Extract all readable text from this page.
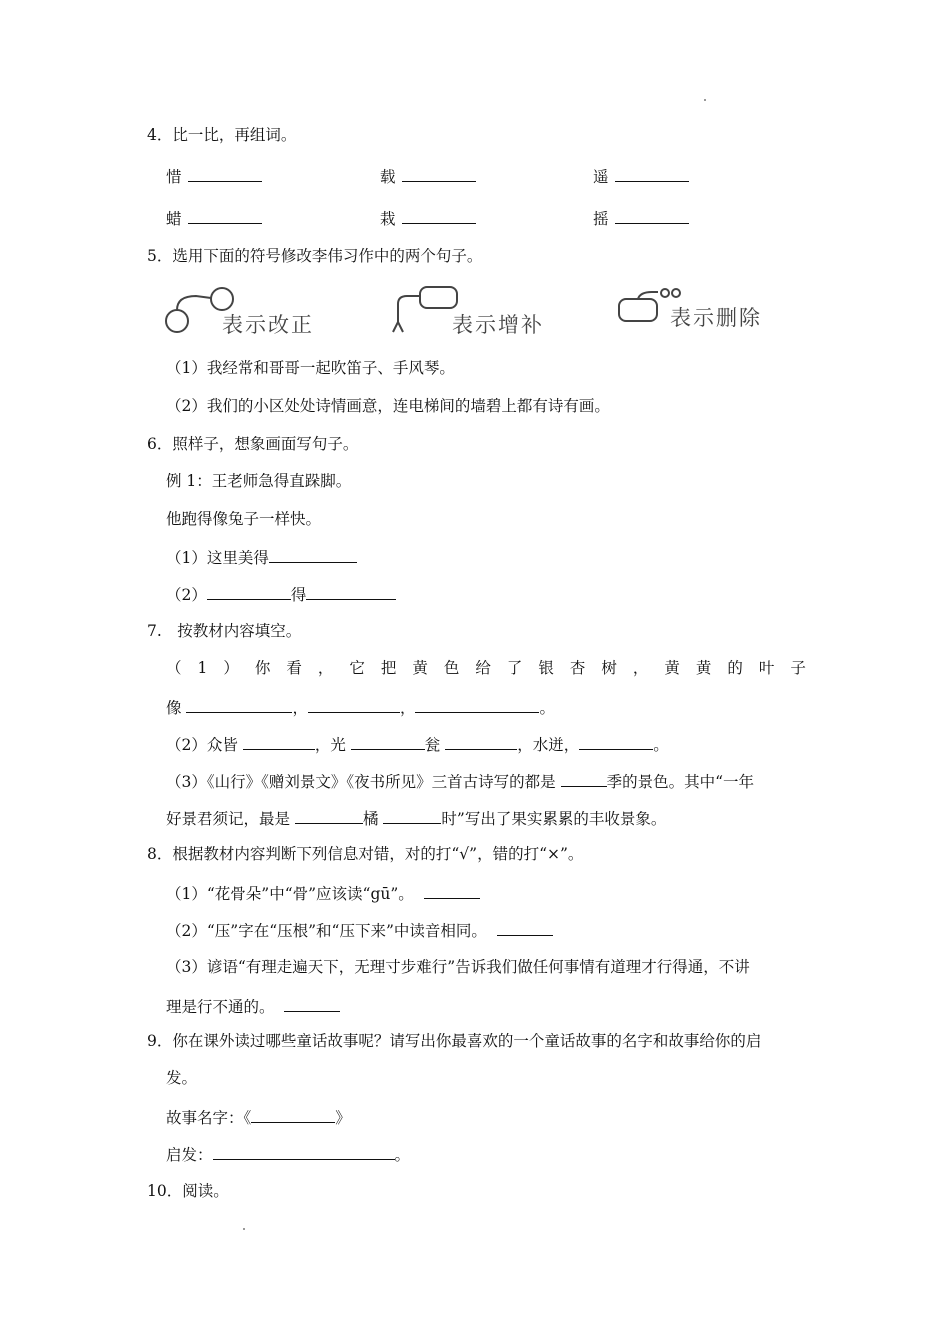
4．比一比，再组词。
惜	载	遥
蜡	栽	摇
5．选用下面的符号修改李伟习作中的两个句子。
表示改正	表示增补	表示删除
（1）我经常和哥哥一起吹笛子、手风琴。
（2）我们的小区处处诗情画意，连电梯间的墙碧上都有诗有画。
6．照样子，想象画面写句子。
例 1：王老师急得直跺脚。
他跑得像兔子一样快。
（1）这里美得
（2）	得
7.　按教材内容填空。
（ 1 ） 你 看 ， 它 把 黄 色 给 了 银 杏 树 ， 黄 黄 的 叶 子
像	，	，	。
（2）众皆	，光	瓮	，水迸，	。
（3）《山行》《赠刘景文》《夜书所见》三首古诗写的都是	季的景色。其中“一年
好景君须记，最是	橘	时”写出了果实累累的丰收景象。
8．根据教材内容判断下列信息对错，对的打“√”，错的打“×”。
（1）“花骨朵”中“骨”应该读“gū”。　
（2）“压”字在“压根”和“压下来”中读音相同。　
（3）谚语“有理走遍天下，无理寸步难行”告诉我们做任何事情有道理才行得通，不讲
理是行不通的。　
9．你在课外读过哪些童话故事呢？请写出你最喜欢的一个童话故事的名字和故事给你的启
发。
故事名字：《	》
启发：	。
10．阅读。
